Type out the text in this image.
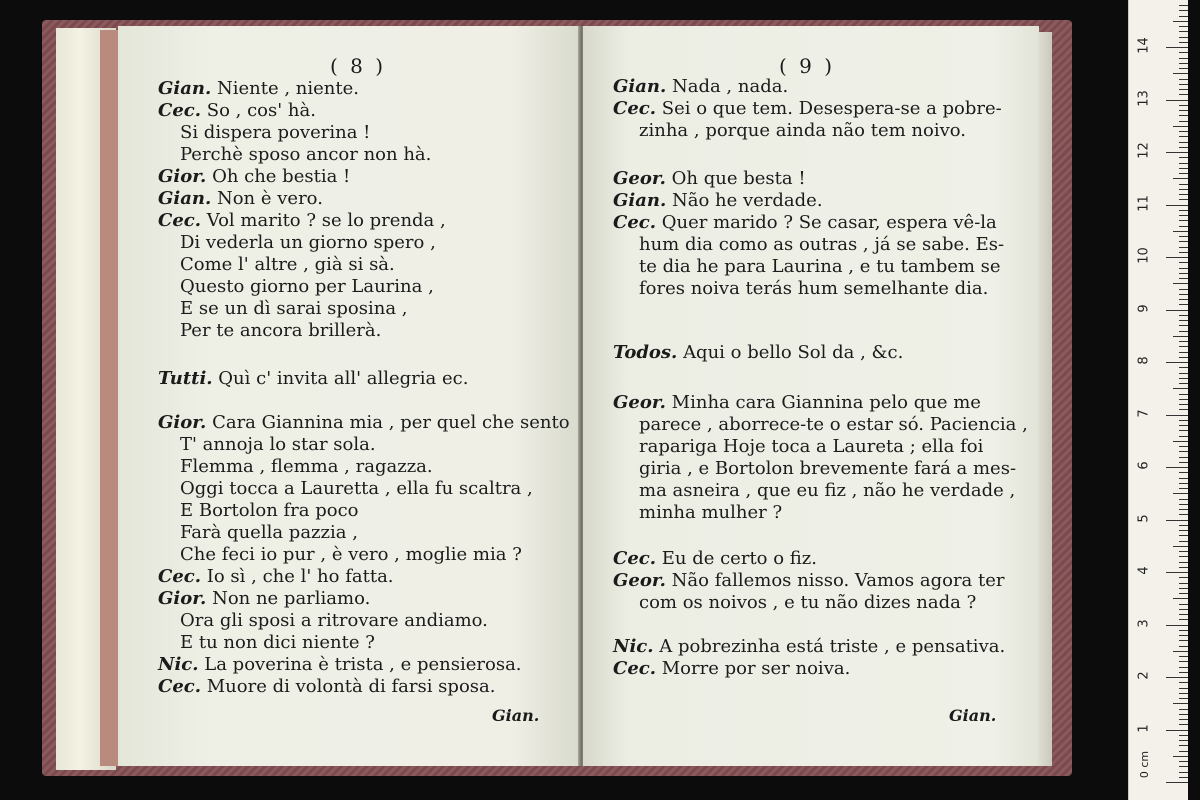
( 8 )
Gian. Niente , niente.
Cec. So , cos' hà.
Si dispera poverina !
Perchè sposo ancor non hà.
Gior. Oh che bestia !
Gian. Non è vero.
Cec. Vol marito ? se lo prenda ,
Di vederla un giorno spero ,
Come l' altre , già si sà.
Questo giorno per Laurina ,
E se un dì sarai sposina ,
Per te ancora brillerà.
Tutti. Quì c' invita all' allegria ec.
Gior. Cara Giannina mia , per quel che sento
T' annoja lo star sola.
Flemma , flemma , ragazza.
Oggi tocca a Lauretta , ella fu scaltra ,
E Bortolon fra poco
Farà quella pazzia ,
Che feci io pur , è vero , moglie mia ?
Cec. Io sì , che l' ho fatta.
Gior. Non ne parliamo.
Ora gli sposi a ritrovare andiamo.
E tu non dici niente ?
Nic. La poverina è trista , e pensierosa.
Cec. Muore di volontà di farsi sposa.
Gian.
( 9 )
Gian. Nada , nada.
Cec. Sei o que tem. Desespera-se a pobre-
zinha , porque ainda não tem noivo.
Geor. Oh que besta !
Gian. Não he verdade.
Cec. Quer marido ? Se casar, espera vê-la
hum dia como as outras , já se sabe. Es-
te dia he para Laurina , e tu tambem se
fores noiva terás hum semelhante dia.
Todos. Aqui o bello Sol da , &c.
Geor. Minha cara Giannina pelo que me
parece , aborrece-te o estar só. Paciencia ,
rapariga Hoje toca a Laureta ; ella foi
giria , e Bortolon brevemente fará a mes-
ma asneira , que eu fiz , não he verdade ,
minha mulher ?
Cec. Eu de certo o fiz.
Geor. Não fallemos nisso. Vamos agora ter
com os noivos , e tu não dizes nada ?
Nic. A pobrezinha está triste , e pensativa.
Cec. Morre por ser noiva.
Gian.
0 cm
1
2
3
4
5
6
7
8
9
10
11
12
13
14
